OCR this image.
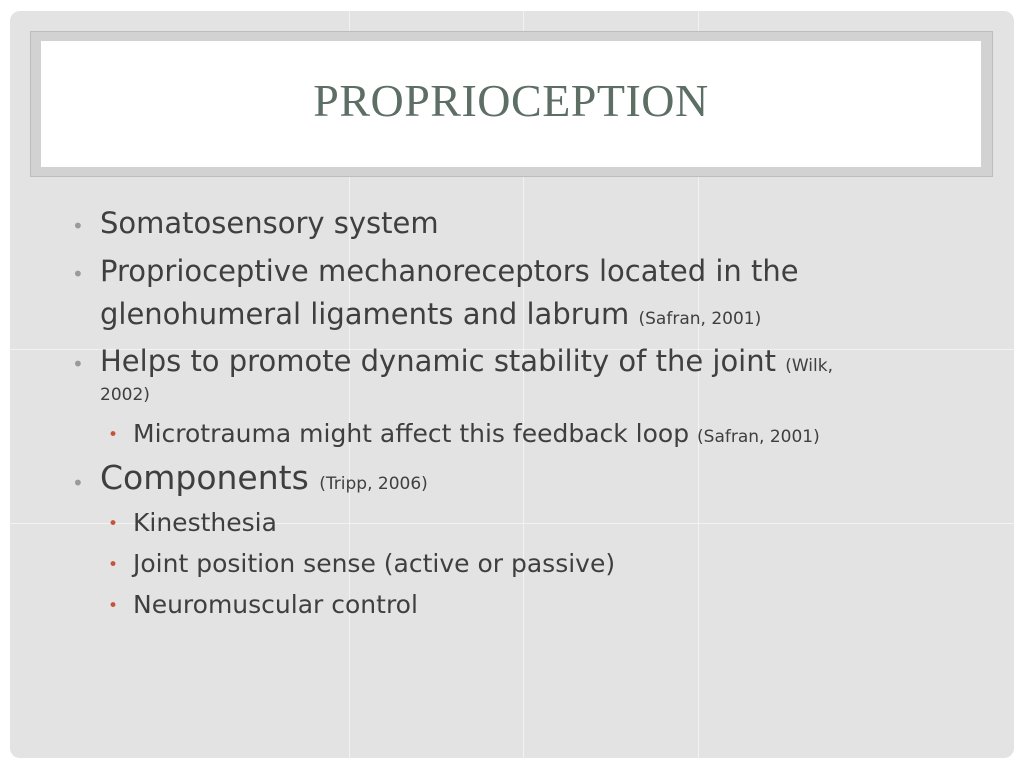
PROPRIOCEPTION
• Somatosensory system
• Proprioceptive mechanoreceptors located in the
glenohumeral ligaments and labrum (Safran, 2001)
• Helps to promote dynamic stability of the joint (Wilk,
2002)
• Microtrauma might affect this feedback loop (Safran, 2001)
• Components (Tripp, 2006)
• Kinesthesia
• Joint position sense (active or passive)
• Neuromuscular control
